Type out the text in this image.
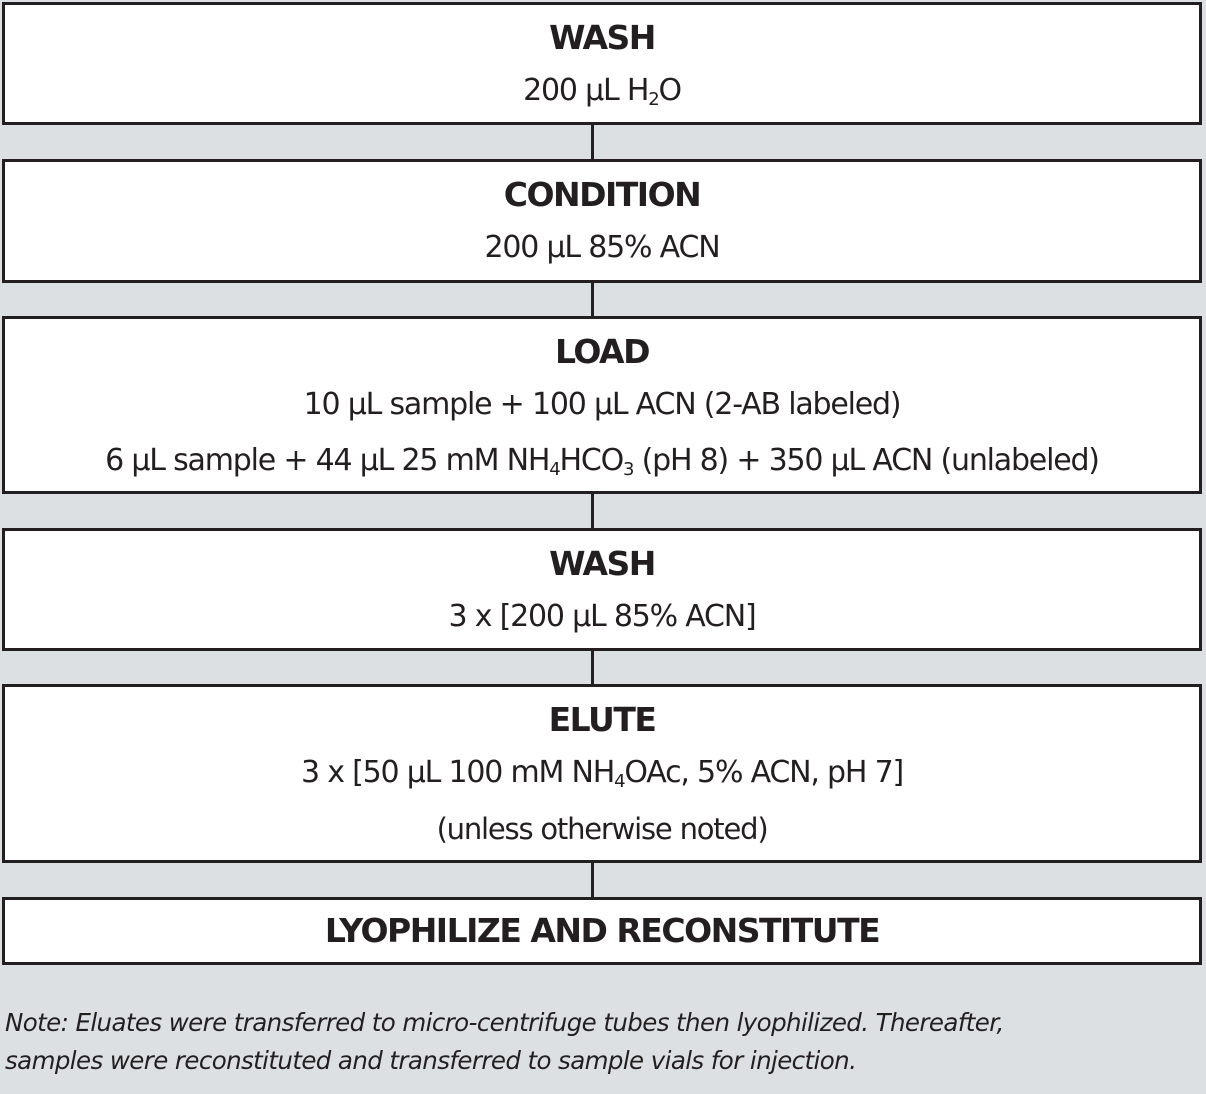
WASH
200 µL $H_2O$
CONDITION
200 µL 85% ACN
LOAD
10 µL sample + 100 µL ACN (2-AB labeled)
6 µL sample + 44 µL 25 mM $NH_4HCO_3$ (pH 8) + 350 µL ACN (unlabeled)
WASH
3 x [200 µL 85% ACN]
ELUTE
3 x [50 µL 100 mM $NH_4OAc$, 5% ACN, pH 7]
(unless otherwise noted)
LYOPHILIZE AND RECONSTITUTE
Note: Eluates were transferred to micro-centrifuge tubes then lyophilized. Thereafter,
samples were reconstituted and transferred to sample vials for injection.
